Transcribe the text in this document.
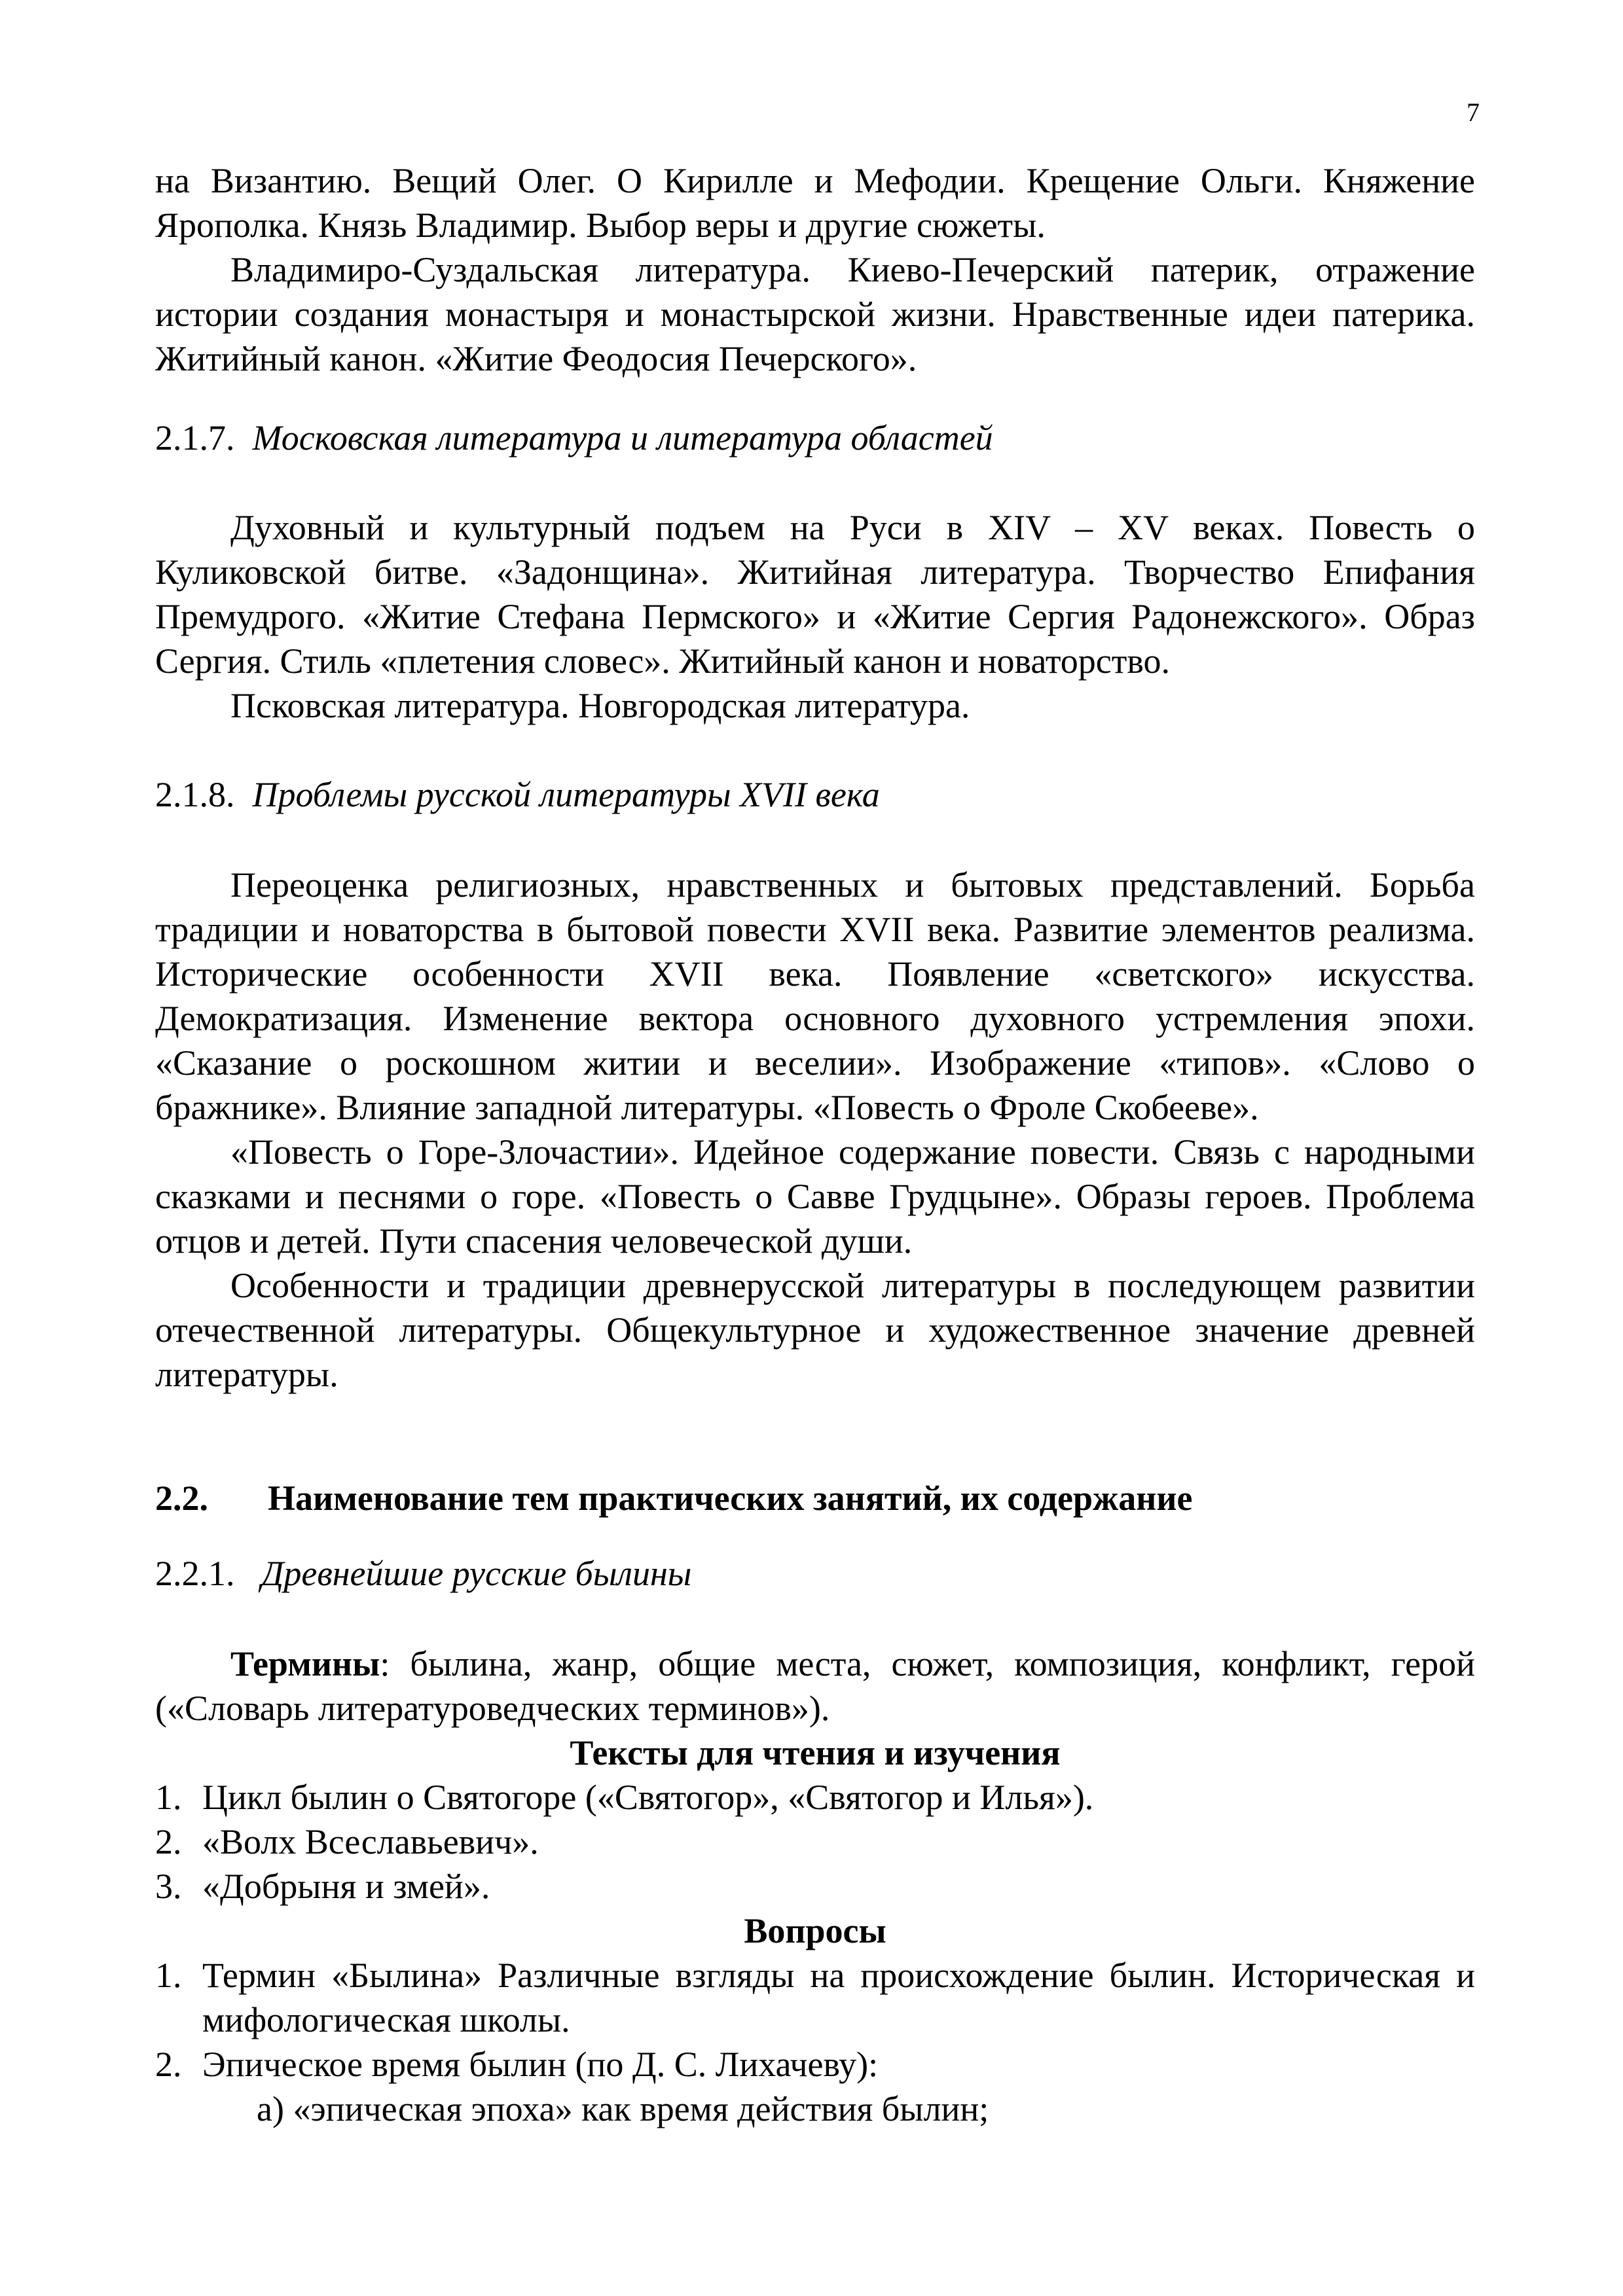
7

на Византию. Вещий Олег. О Кирилле и Мефодии. Крещение Ольги. Княжение Ярополка. Князь Владимир. Выбор веры и другие сюжеты.

Владимиро-Суздальская литература. Киево-Печерский патерик, отражение истории создания монастыря и монастырской жизни. Нравственные идеи патерика. Житийный канон. «Житие Феодосия Печерского».

2.1.7. Московская литература и литература областей

Духовный и культурный подъем на Руси в XIV – XV веках. Повесть о Куликовской битве. «Задонщина». Житийная литература. Творчество Епифания Премудрого. «Житие Стефана Пермского» и «Житие Сергия Радонежского». Образ Сергия. Стиль «плетения словес». Житийный канон и новаторство.

Псковская литература. Новгородская литература.

2.1.8. Проблемы русской литературы XVII века

Переоценка религиозных, нравственных и бытовых представлений. Борьба традиции и новаторства в бытовой повести XVII века. Развитие элементов реализма. Исторические особенности XVII века. Появление «светского» искусства. Демократизация. Изменение вектора основного духовного устремления эпохи. «Сказание о роскошном житии и веселии». Изображение «типов». «Слово о бражнике». Влияние западной литературы. «Повесть о Фроле Скобееве».

«Повесть о Горе-Злочастии». Идейное содержание повести. Связь с народными сказками и песнями о горе. «Повесть о Савве Грудцыне». Образы героев. Проблема отцов и детей. Пути спасения человеческой души.

Особенности и традиции древнерусской литературы в последующем развитии отечественной литературы. Общекультурное и художественное значение древней литературы.

2.2. Наименование тем практических занятий, их содержание

2.2.1. Древнейшие русские былины

Термины: былина, жанр, общие места, сюжет, композиция, конфликт, герой («Словарь литературоведческих терминов»).

Тексты для чтения и изучения

1. Цикл былин о Святогоре («Святогор», «Святогор и Илья»).
2. «Волх Всеславьевич».
3. «Добрыня и змей».

Вопросы

1. Термин «Былина» Различные взгляды на происхождение былин. Историческая и мифологическая школы.
2. Эпическое время былин (по Д. С. Лихачеву):

а) «эпическая эпоха» как время действия былин;
